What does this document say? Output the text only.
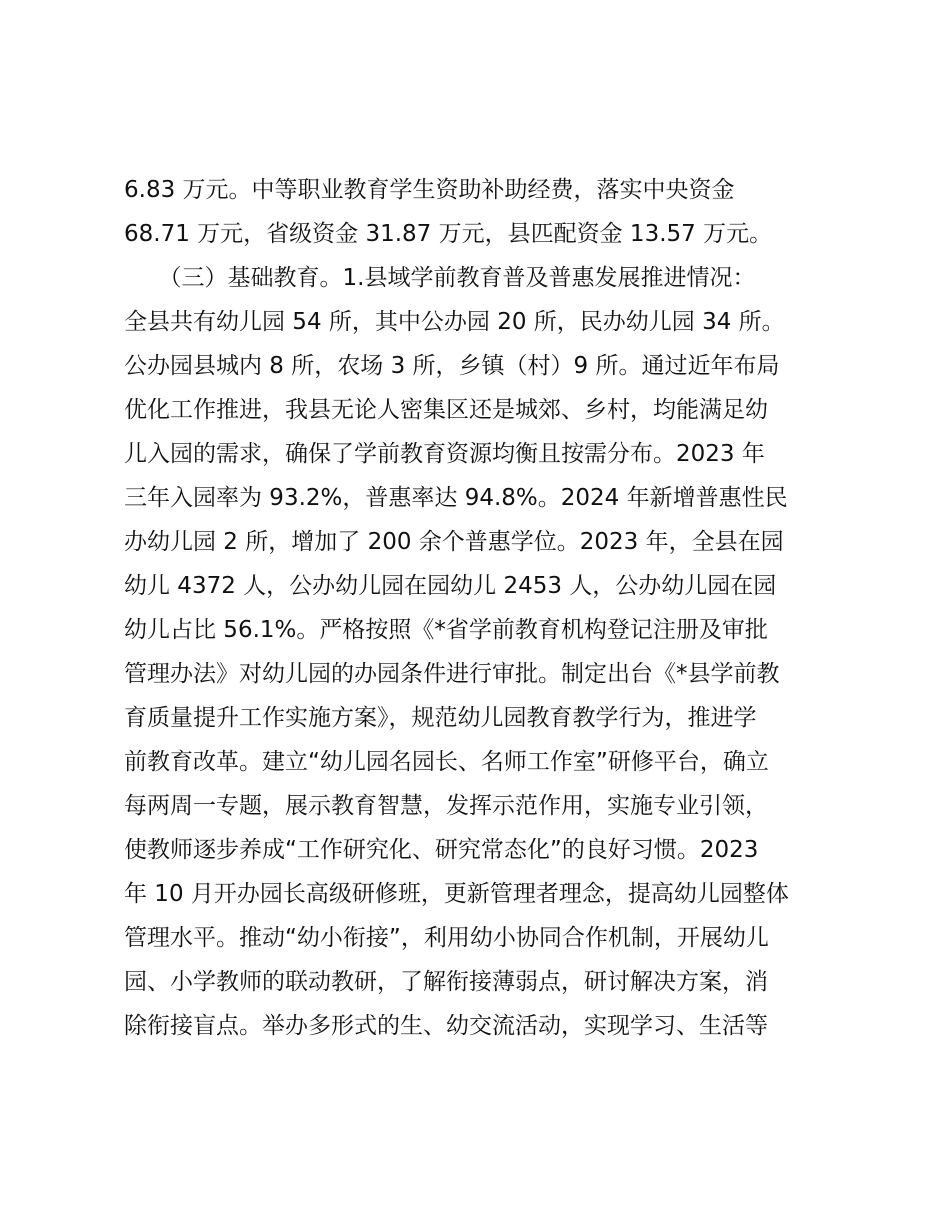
6.83 万元。中等职业教育学生资助补助经费，落实中央资金
68.71 万元，省级资金 31.87 万元，县匹配资金 13.57 万元。
　　（三）基础教育。1.县域学前教育普及普惠发展推进情况：
全县共有幼儿园 54 所，其中公办园 20 所，民办幼儿园 34 所。
公办园县城内 8 所，农场 3 所，乡镇（村）9 所。通过近年布局
优化工作推进，我县无论人密集区还是城郊、乡村，均能满足幼
儿入园的需求，确保了学前教育资源均衡且按需分布。2023 年
三年入园率为 93.2%，普惠率达 94.8%。2024 年新增普惠性民
办幼儿园 2 所，增加了 200 余个普惠学位。2023 年，全县在园
幼儿 4372 人，公办幼儿园在园幼儿 2453 人，公办幼儿园在园
幼儿占比 56.1%。严格按照《*省学前教育机构登记注册及审批
管理办法》对幼儿园的办园条件进行审批。制定出台《*县学前教
育质量提升工作实施方案》，规范幼儿园教育教学行为，推进学
前教育改革。建立“幼儿园名园长、名师工作室”研修平台，确立
每两周一专题，展示教育智慧，发挥示范作用，实施专业引领，
使教师逐步养成“工作研究化、研究常态化”的良好习惯。2023
年 10 月开办园长高级研修班，更新管理者理念，提高幼儿园整体
管理水平。推动“幼小衔接”，利用幼小协同合作机制，开展幼儿
园、小学教师的联动教研，了解衔接薄弱点，研讨解决方案，消
除衔接盲点。举办多形式的生、幼交流活动，实现学习、生活等
